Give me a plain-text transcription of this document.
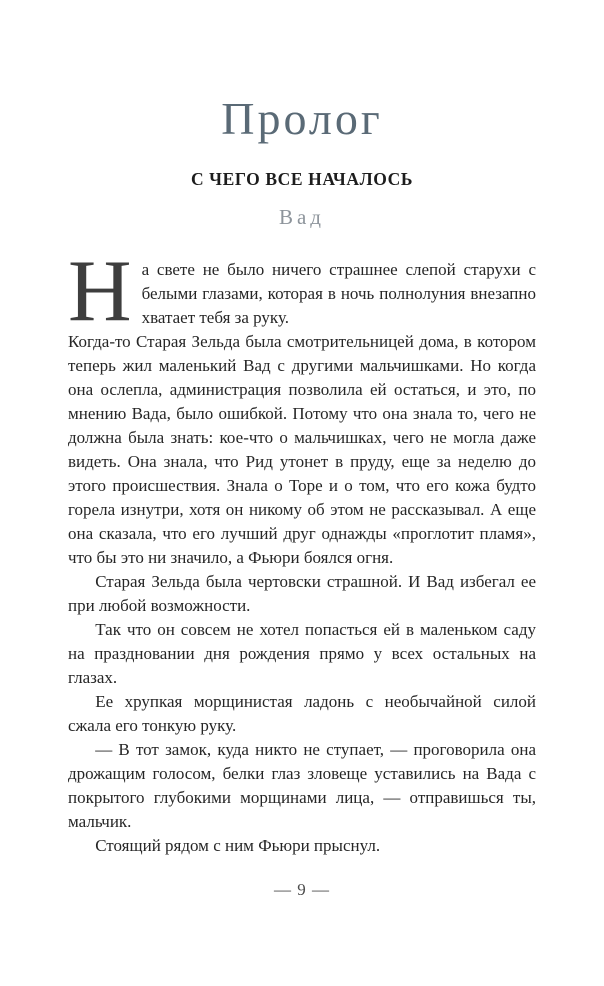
Пролог
С ЧЕГО ВСЕ НАЧАЛОСЬ
Вад

На свете не было ничего страшнее слепой старухи с белыми глазами, которая в ночь полнолуния внезапно хватает тебя за руку.

Когда-то Старая Зельда была смотрительницей дома, в котором теперь жил маленький Вад с другими мальчишками. Но когда она ослепла, администрация позволила ей остаться, и это, по мнению Вада, было ошибкой. Потому что она знала то, чего не должна была знать: кое-что о мальчишках, чего не могла даже видеть. Она знала, что Рид утонет в пруду, еще за неделю до этого происшествия. Знала о Торе и о том, что его кожа будто горела изнутри, хотя он никому об этом не рассказывал. А еще она сказала, что его лучший друг однажды «проглотит пламя», что бы это ни значило, а Фьюри боялся огня.

Старая Зельда была чертовски страшной. И Вад избегал ее при любой возможности.

Так что он совсем не хотел попасться ей в маленьком саду на праздновании дня рождения прямо у всех остальных на глазах.

Ее хрупкая морщинистая ладонь с необычайной силой сжала его тонкую руку.

— В тот замок, куда никто не ступает, — проговорила она дрожащим голосом, белки глаз зловеще уставились на Вада с покрытого глубокими морщинами лица, — отправишься ты, мальчик.

Стоящий рядом с ним Фьюри прыснул.

— 9 —
